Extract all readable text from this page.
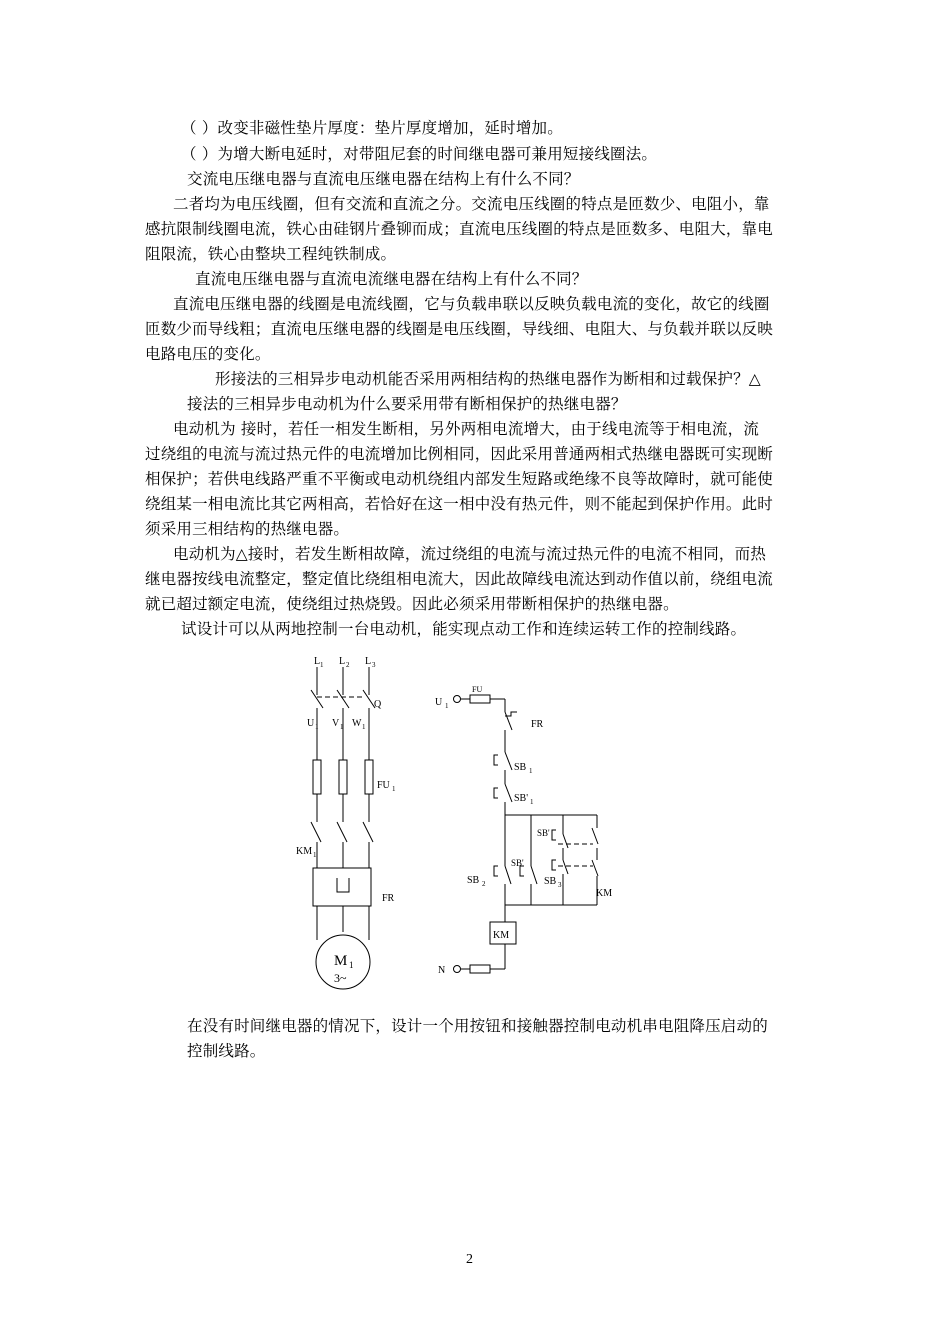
（ ）改变非磁性垫片厚度：垫片厚度增加，延时增加。
（ ）为增大断电延时，对带阻尼套的时间继电器可兼用短接线圈法。
交流电压继电器与直流电压继电器在结构上有什么不同？
二者均为电压线圈，但有交流和直流之分。交流电压线圈的特点是匝数少、电阻小，靠
感抗限制线圈电流，铁心由硅钢片叠铆而成；直流电压线圈的特点是匝数多、电阻大，靠电
阻限流，铁心由整块工程纯铁制成。
直流电压继电器与直流电流继电器在结构上有什么不同？
直流电压继电器的线圈是电流线圈，它与负载串联以反映负载电流的变化，故它的线圈
匝数少而导线粗；直流电压继电器的线圈是电压线圈，导线细、电阻大、与负载并联以反映
电路电压的变化。
形接法的三相异步电动机能否采用两相结构的热继电器作为断相和过载保护？△
接法的三相异步电动机为什么要采用带有断相保护的热继电器？
电动机为 接时，若任一相发生断相，另外两相电流增大，由于线电流等于相电流，流
过绕组的电流与流过热元件的电流增加比例相同，因此采用普通两相式热继电器既可实现断
相保护；若供电线路严重不平衡或电动机绕组内部发生短路或绝缘不良等故障时，就可能使
绕组某一相电流比其它两相高，若恰好在这一相中没有热元件，则不能起到保护作用。此时
须采用三相结构的热继电器。
电动机为△接时，若发生断相故障，流过绕组的电流与流过热元件的电流不相同，而热
继电器按线电流整定，整定值比绕组相电流大，因此故障线电流达到动作值以前，绕组电流
就已超过额定电流，使绕组过热烧毁。因此必须采用带断相保护的热继电器。
试设计可以从两地控制一台电动机，能实现点动工作和连续运转工作的控制线路。
L 1 L 2 L 3
Q
U 1 V 1 W 1
FU 1
KM 1
FR
M 1
3~
FU
U 1
FR
SB 1
SB' 1
SB'
SB'
SB 2	SB 3
KM
KM
N
在没有时间继电器的情况下，设计一个用按钮和接触器控制电动机串电阻降压启动的
控制线路。
2
